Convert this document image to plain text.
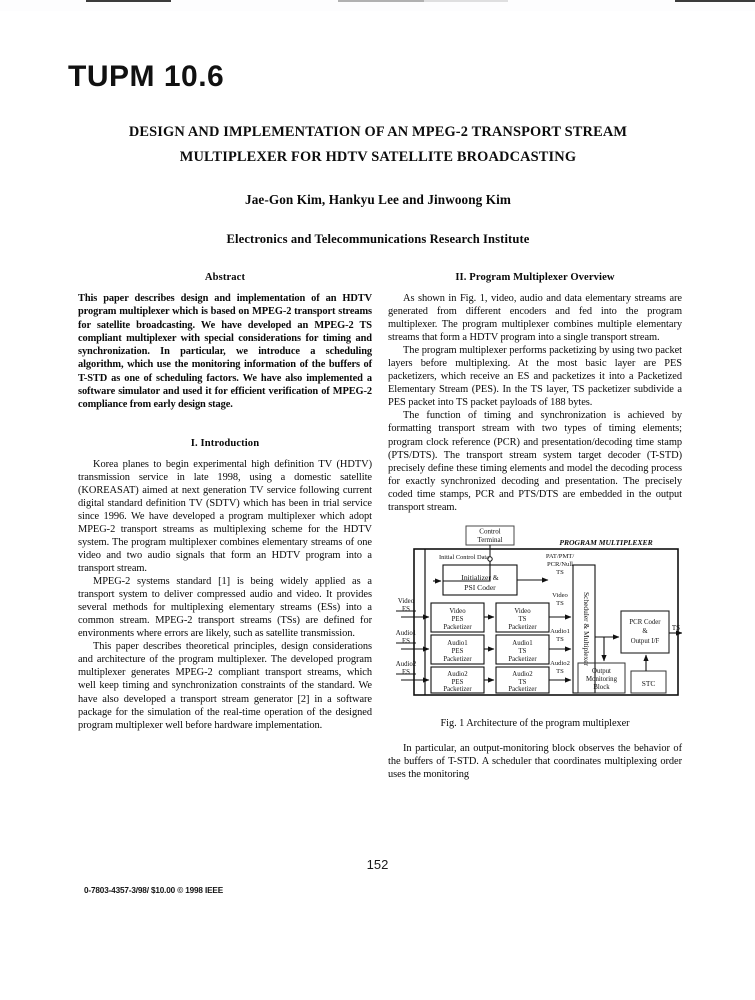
TUPM 10.6
DESIGN AND IMPLEMENTATION OF AN MPEG-2 TRANSPORT STREAM
MULTIPLEXER FOR HDTV SATELLITE BROADCASTING
Jae-Gon Kim, Hankyu Lee and Jinwoong Kim
Electronics and Telecommunications Research Institute
Abstract

This paper describes design and implementation of an HDTV program multiplexer which is based on MPEG-2 transport streams for satellite broadcasting. We have developed an MPEG-2 TS compliant multiplexer with special considerations for timing and synchronization. In particular, we introduce a scheduling algorithm, which use the monitoring information of the buffers of T-STD as one of scheduling factors. We have also implemented a software simulator and used it for efficient verification of MPEG-2 compliance from early design stage.

I. Introduction

Korea planes to begin experimental high definition TV (HDTV) transmission service in late 1998, using a domestic satellite (KOREASAT) aimed at next generation TV service following current digital standard definition TV (SDTV) which has been in trial service since 1996. We have developed a program multiplexer which adopt MPEG-2 transport streams as multiplexing scheme for the HDTV system. The program multiplexer combines elementary streams of one video and two audio signals that form an HDTV program into a transport stream.

MPEG-2 systems standard [1] is being widely applied as a transport system to deliver compressed audio and video. It provides several methods for multiplexing elementary streams (ESs) into a common stream. MPEG-2 transport streams (TSs) are defined for environments where errors are likely, such as satellite transmission.

This paper describes theoretical principles, design considerations and architecture of the program multiplexer. The developed program multiplexer generates MPEG-2 compliant transport streams, which well keep timing and synchronization constraints of the standard. We have also developed a transport stream generator [2] in a software package for the simulation of the real-time operation of the designed program multiplexer well before hardware implementation.

II. Program Multiplexer Overview

As shown in Fig. 1, video, audio and data elementary streams are generated from different encoders and fed into the program multiplexer. The program multiplexer combines multiple elementary streams that form a HDTV program into a single transport stream.

The program multiplexer performs packetizing by using two packet layers before multiplexing. At the most basic layer are PES packetizers, which receive an ES and packetizes it into a Packetized Elementary Stream (PES). In the TS layer, TS packetizer subdivide a PES packet into TS packet payloads of 188 bytes.

The function of timing and synchronization is achieved by formatting transport stream with two types of timing elements; program clock reference (PCR) and presentation/decoding time stamp (PTS/DTS). The transport stream system target decoder (T-STD) precisely define these timing elements and model the decoding process for exactly synchronized decoding and presentation. The precisely coded time stamps, PCR and PTS/DTS are embedded in the output transport stream.

Control
Terminal
Initial Control Data
PROGRAM MULTIPLEXER
Initializer &
PSI Coder
Video
ES
Audio1
ES
Audio2
ES
Video
PES
Packetizer
Audio1
PES
Packetizer
Audio2
PES
Packetizer
Video
TS
Packetizer
Audio1
TS
Packetizer
Audio2
TS
Packetizer
PAT/PMT/
PCR/Null
TS
Video
TS
Audio1
TS
Audio2
TS
Scheduler & Multiplexer
Output
Monitoring
Block
PCR Coder
&
Output I/F
STC
TS
Fig. 1 Architecture of the program multiplexer

In particular, an output-monitoring block observes the behavior of the buffers of T-STD. A scheduler that coordinates multiplexing order uses the monitoring

152
0-7803-4357-3/98/ $10.00 © 1998 IEEE
